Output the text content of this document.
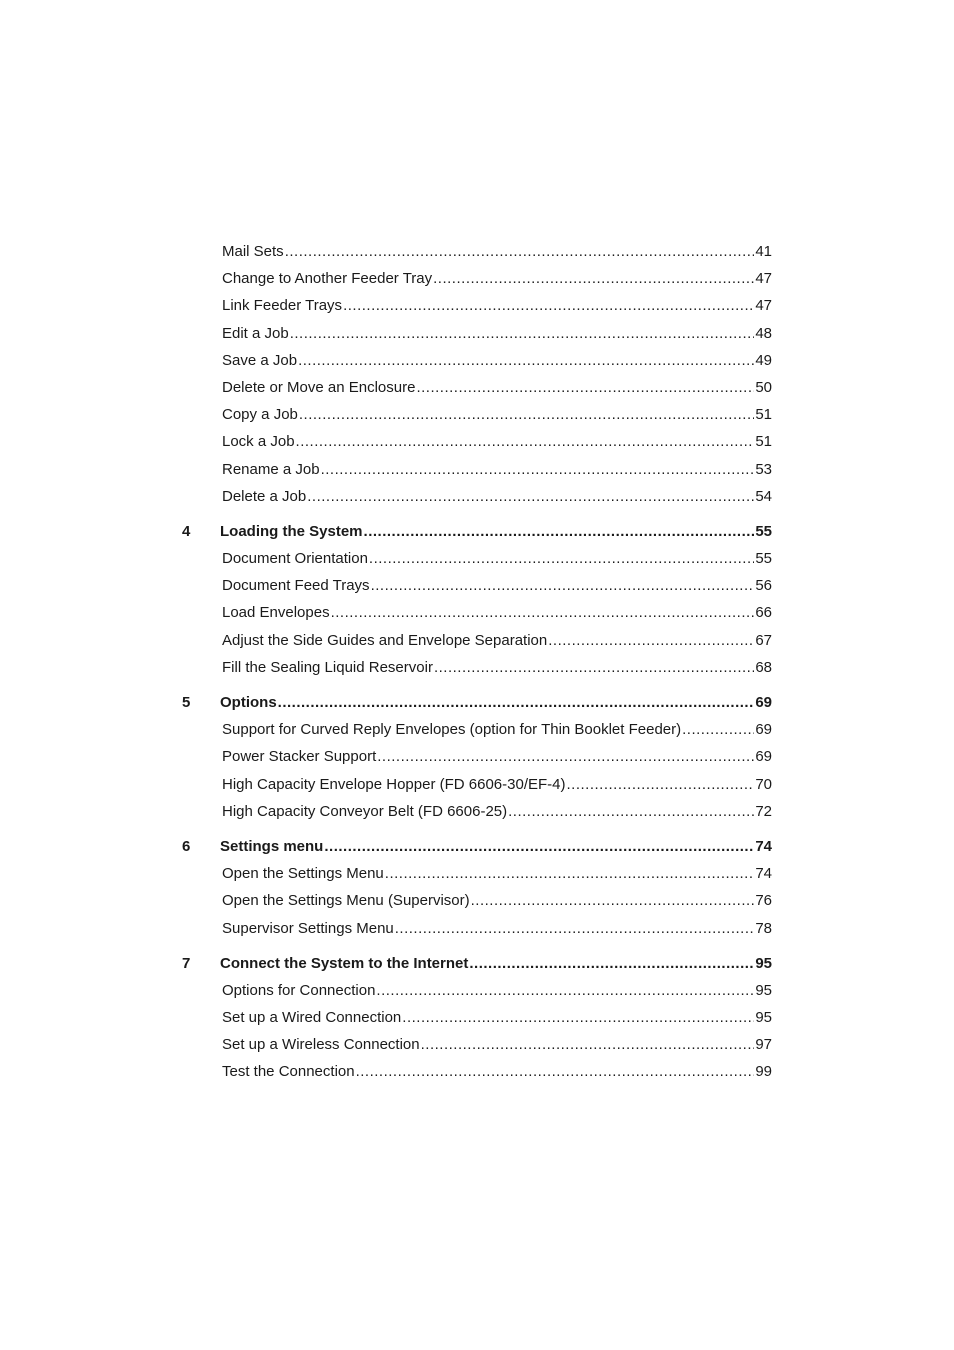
Mail Sets .....	41
Change to Another Feeder Tray .....	47
Link Feeder Trays .....	47
Edit a Job .....	48
Save a Job .....	49
Delete or Move an Enclosure .....	50
Copy a Job .....	51
Lock a Job .....	51
Rename a Job .....	53
Delete a Job .....	54
4 Loading the System .....	55
Document Orientation .....	55
Document Feed Trays .....	56
Load Envelopes .....	66
Adjust the Side Guides and Envelope Separation .....	67
Fill the Sealing Liquid Reservoir .....	68
5 Options .....	69
Support for Curved Reply Envelopes (option for Thin Booklet Feeder) .....	69
Power Stacker Support .....	69
High Capacity Envelope Hopper (FD 6606-30/EF-4) .....	70
High Capacity Conveyor Belt (FD 6606-25) .....	72
6 Settings menu .....	74
Open the Settings Menu .....	74
Open the Settings Menu (Supervisor) .....	76
Supervisor Settings Menu .....	78
7 Connect the System to the Internet .....	95
Options for Connection .....	95
Set up a Wired Connection .....	95
Set up a Wireless Connection .....	97
Test the Connection .....	99
